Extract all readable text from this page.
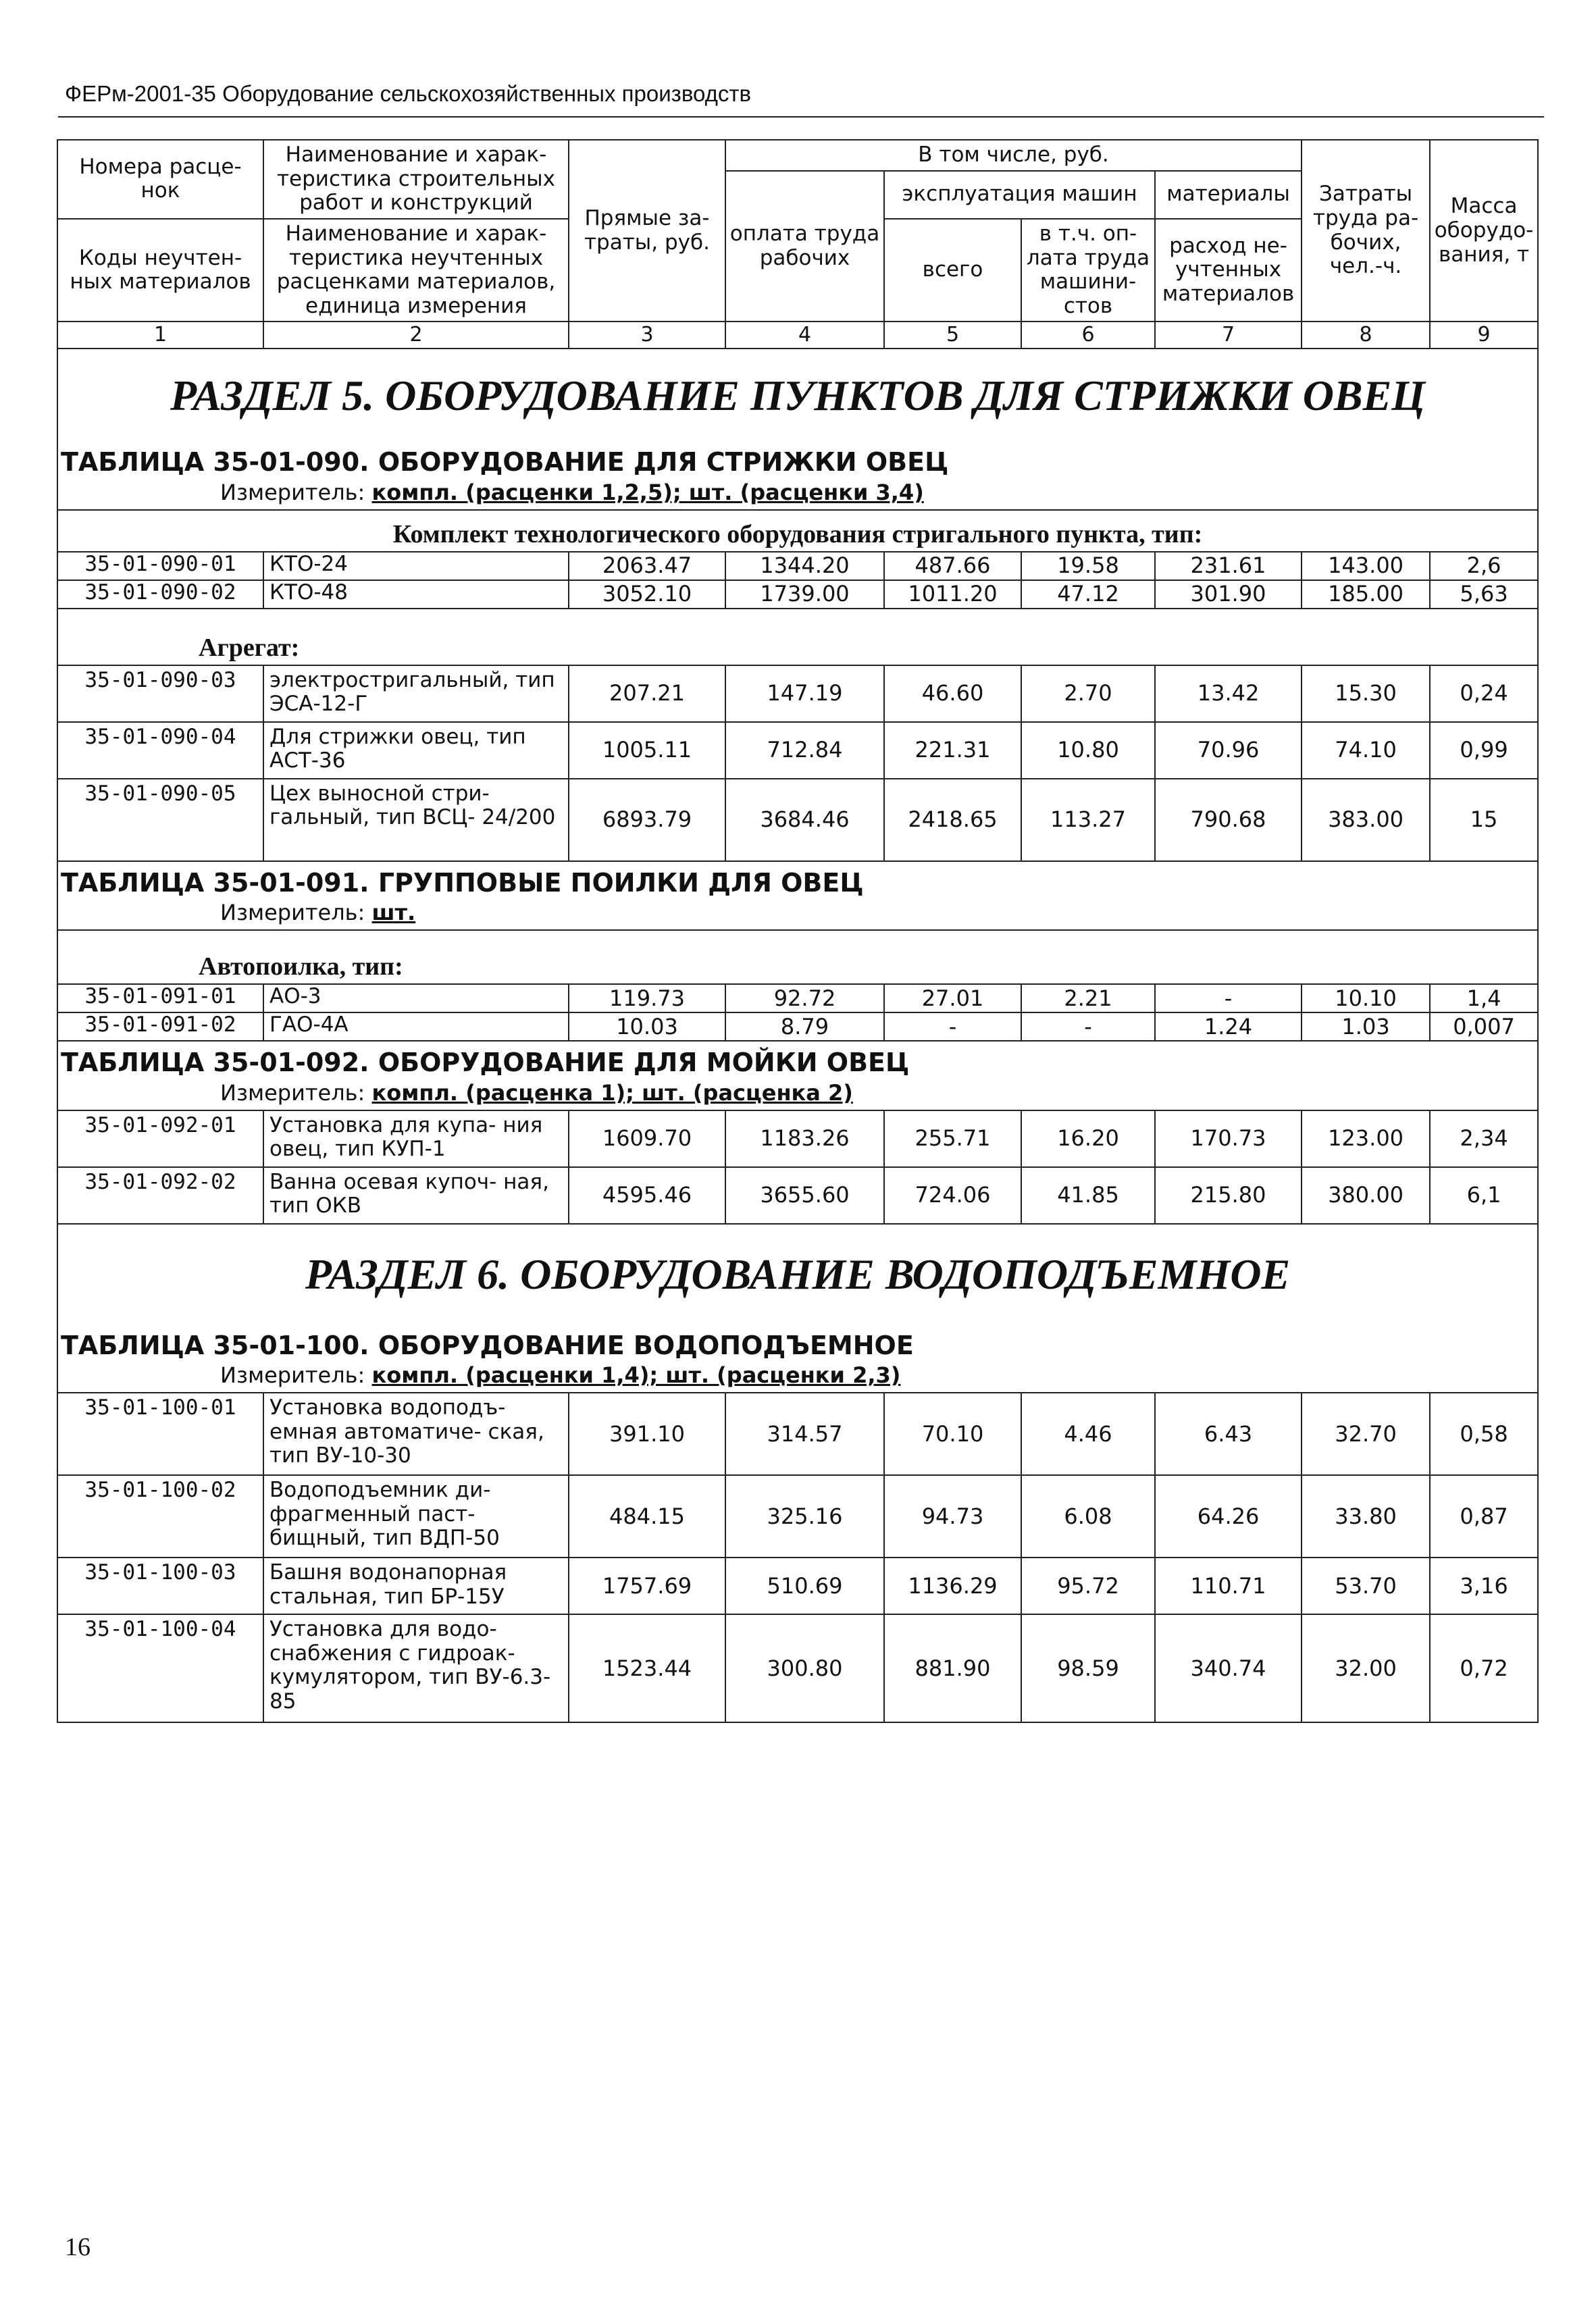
ФЕРм-2001-35 Оборудование сельскохозяйственных производств
Номера расце- нок	Наименование и харак- теристика строительных работ и конструкций	Прямые за- траты, руб.	В том числе, руб.				Затраты труда ра- бочих, чел.-ч.	Масса оборудо- вания, т
			оплата труда рабочих	эксплуатация машин		материалы		
Коды неучтен- ных материалов	Наименование и харак- теристика неучтенных расценками материалов, единица измерения			всего	в т.ч. оп- лата труда машини- стов	расход не- учтенных материалов		

1	2	3	4	5	6	7	8	9
РАЗДЕЛ 5. ОБОРУДОВАНИЕ ПУНКТОВ ДЛЯ СТРИЖКИ ОВЕЦ								
ТАБЛИЦА 35-01-090. ОБОРУДОВАНИЕ ДЛЯ СТРИЖКИ ОВЕЦ								
Измеритель: компл. (расценки 1,2,5); шт. (расценки 3,4)								
Комплект технологического оборудования стригального пункта, тип:								
35-01-090-01	КТО-24	2063.47	1344.20	487.66	19.58	231.61	143.00	2,6
35-01-090-02	КТО-48	3052.10	1739.00	1011.20	47.12	301.90	185.00	5,63
Агрегат:								
35-01-090-03	электростригальный, тип ЭСА-12-Г	207.21	147.19	46.60	2.70	13.42	15.30	0,24
35-01-090-04	Для стрижки овец, тип АСТ-36	1005.11	712.84	221.31	10.80	70.96	74.10	0,99
35-01-090-05	Цех выносной стри- гальный, тип ВСЦ- 24/200	6893.79	3684.46	2418.65	113.27	790.68	383.00	15
ТАБЛИЦА 35-01-091. ГРУППОВЫЕ ПОИЛКИ ДЛЯ ОВЕЦ								
Измеритель: шт.								
Автопоилка, тип:								
35-01-091-01	АО-3	119.73	92.72	27.01	2.21	-	10.10	1,4
35-01-091-02	ГАО-4А	10.03	8.79	-	-	1.24	1.03	0,007
ТАБЛИЦА 35-01-092. ОБОРУДОВАНИЕ ДЛЯ МОЙКИ ОВЕЦ								
Измеритель: компл. (расценка 1); шт. (расценка 2)								
35-01-092-01	Установка для купа- ния овец, тип КУП-1	1609.70	1183.26	255.71	16.20	170.73	123.00	2,34
35-01-092-02	Ванна осевая купоч- ная, тип ОКВ	4595.46	3655.60	724.06	41.85	215.80	380.00	6,1
РАЗДЕЛ 6. ОБОРУДОВАНИЕ ВОДОПОДЪЕМНОЕ								
ТАБЛИЦА 35-01-100. ОБОРУДОВАНИЕ ВОДОПОДЪЕМНОЕ								
Измеритель: компл. (расценки 1,4); шт. (расценки 2,3)								
35-01-100-01	Установка водоподъ- емная автоматиче- ская, тип ВУ-10-30	391.10	314.57	70.10	4.46	6.43	32.70	0,58
35-01-100-02	Водоподъемник ди- фрагменный паст- бищный, тип ВДП-50	484.15	325.16	94.73	6.08	64.26	33.80	0,87
35-01-100-03	Башня водонапорная стальная, тип БР-15У	1757.69	510.69	1136.29	95.72	110.71	53.70	3,16
35-01-100-04	Установка для водо- снабжения с гидроак- кумулятором, тип ВУ-6.3-85	1523.44	300.80	881.90	98.59	340.74	32.00	0,72
16
